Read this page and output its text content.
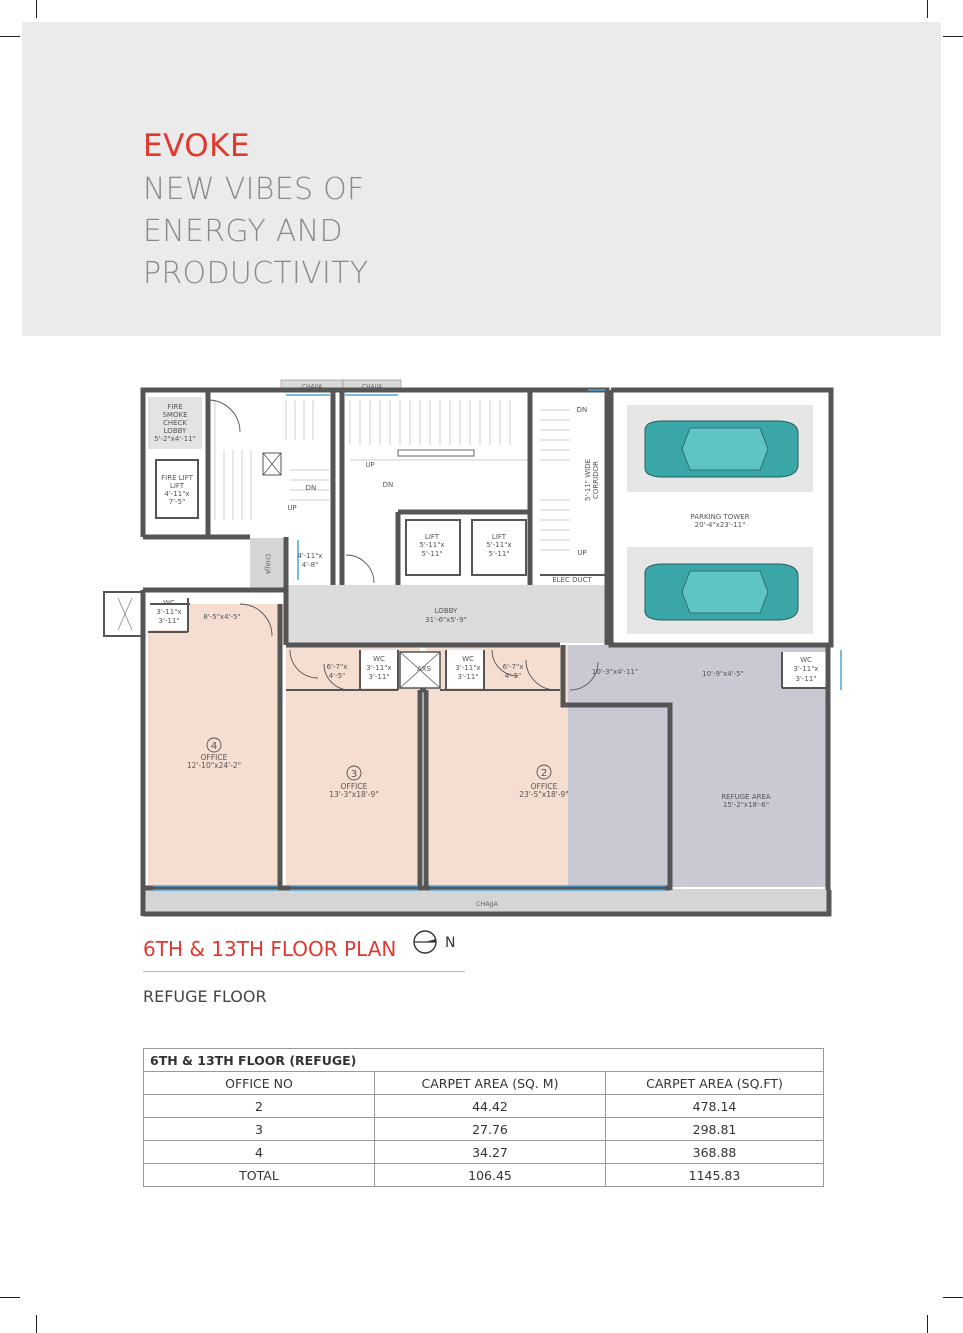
EVOKE
NEW VIBES OF
ENERGY AND
PRODUCTIVITY
CHAJJA	CHAJJA
CHAJJA
CHAJJA
FIRE
SMOKE
CHECK
LOBBY
5'-2"x4'-11"
FIRE LIFT
LIFT
4'-11"x
7'-5"
DN
UP
UP
DN
DN
UP
LIFT
5'-11"x
5'-11"
LIFT
5'-11"x
5'-11"
5'-11" WIDE CORRIDOR
ELEC DUCT
PARKING TOWER
20'-4"x23'-11"
4'-11"x
4'-8"
LOBBY
31'-6"x5'-9"
WC
3'-11"x
3'-11"	8'-5"x4'-5"
6'-7"x
4'-5"
WC
3'-11"x
3'-11"
AXS
WC
3'-11"x
3'-11"
6'-7"x
4'-5"	10'-3"x4'-11"	10'-9"x4'-5"
WC
3'-11"x
3'-11"
REFUGE AREA
15'-2"x18'-6"
4
OFFICE
12'-10"x24'-2"
3
OFFICE
13'-3"x18'-9"
2
OFFICE
23'-5"x18'-9"
6TH & 13TH FLOOR PLAN	N
REFUGE FLOOR
6TH & 13TH FLOOR (REFUGE)		
OFFICE NO	CARPET AREA (SQ. M)	CARPET AREA (SQ.FT)
2	44.42	478.14
3	27.76	298.81
4	34.27	368.88
TOTAL	106.45	1145.83
